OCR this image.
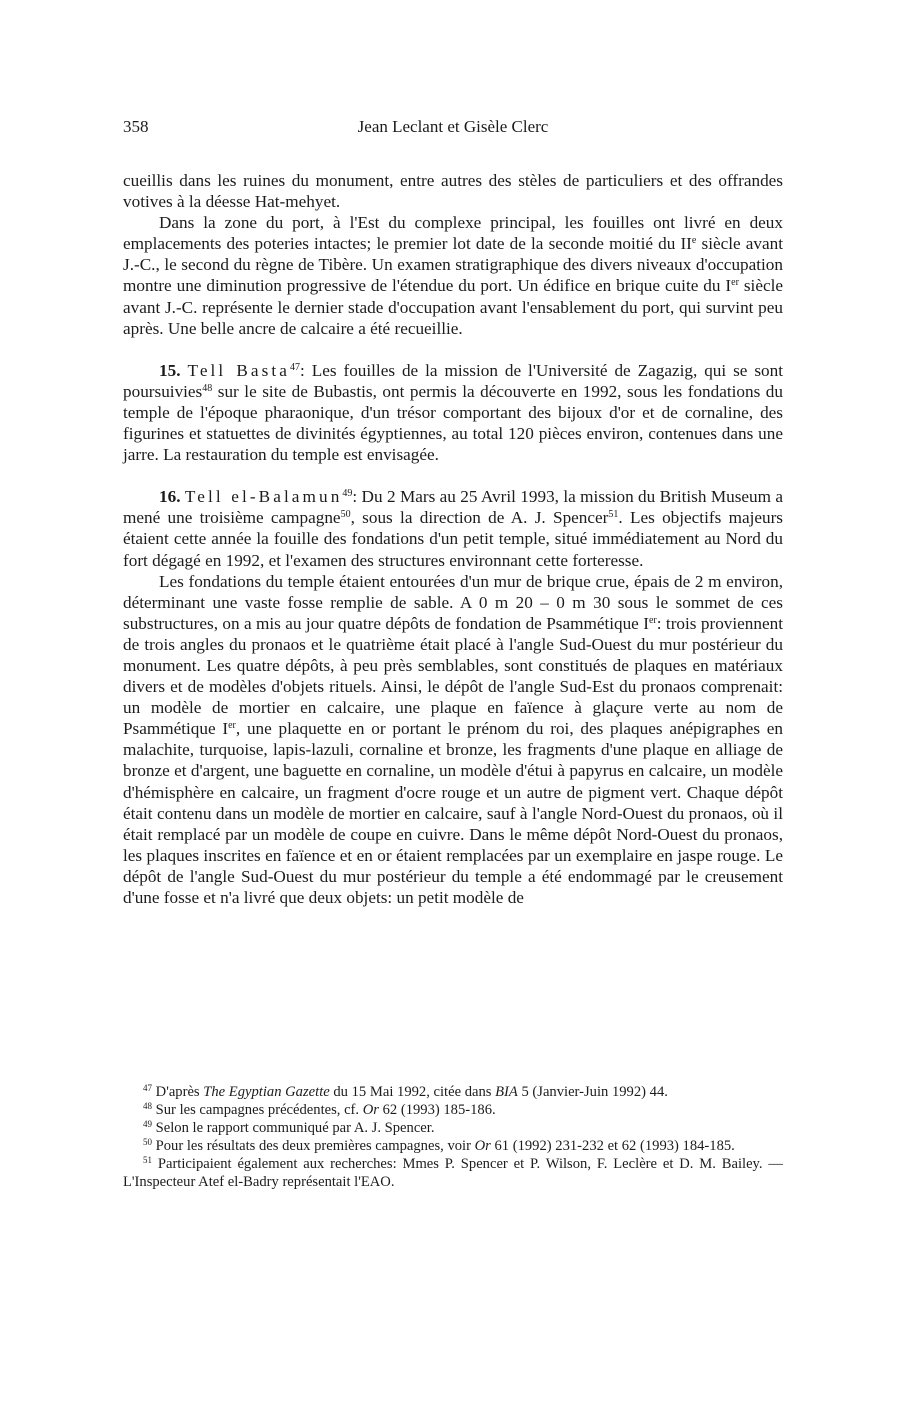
358	Jean Leclant et Gisèle Clerc

cueillis dans les ruines du monument, entre autres des stèles de particuliers et des offrandes votives à la déesse Hat-mehyet.

Dans la zone du port, à l'Est du complexe principal, les fouilles ont livré en deux emplacements des poteries intactes; le premier lot date de la seconde moitié du IIe siècle avant J.-C., le second du règne de Tibère. Un examen stratigraphique des divers niveaux d'occupation montre une diminution progressive de l'étendue du port. Un édifice en brique cuite du Ier siècle avant J.-C. représente le dernier stade d'occupation avant l'ensablement du port, qui survint peu après. Une belle ancre de calcaire a été recueillie.

15. Tell Basta$^{47}$: Les fouilles de la mission de l'Université de Zagazig, qui se sont poursuivies$^{48}$ sur le site de Bubastis, ont permis la découverte en 1992, sous les fondations du temple de l'époque pharaonique, d'un trésor comportant des bijoux d'or et de cornaline, des figurines et statuettes de divinités égyptiennes, au total 120 pièces environ, contenues dans une jarre. La restauration du temple est envisagée.

16. Tell el-Balamun$^{49}$: Du 2 Mars au 25 Avril 1993, la mission du British Museum a mené une troisième campagne$^{50}$, sous la direction de A. J. Spencer$^{51}$. Les objectifs majeurs étaient cette année la fouille des fondations d'un petit temple, situé immédiatement au Nord du fort dégagé en 1992, et l'examen des structures environnant cette forteresse.

Les fondations du temple étaient entourées d'un mur de brique crue, épais de 2 m environ, déterminant une vaste fosse remplie de sable. A 0 m 20 – 0 m 30 sous le sommet de ces substructures, on a mis au jour quatre dépôts de fondation de Psammétique Ier: trois proviennent de trois angles du pronaos et le quatrième était placé à l'angle Sud-Ouest du mur postérieur du monument. Les quatre dépôts, à peu près semblables, sont constitués de plaques en matériaux divers et de modèles d'objets rituels. Ainsi, le dépôt de l'angle Sud-Est du pronaos comprenait: un modèle de mortier en calcaire, une plaque en faïence à glaçure verte au nom de Psammétique Ier, une plaquette en or portant le prénom du roi, des plaques anépigraphes en malachite, turquoise, lapis-lazuli, cornaline et bronze, les fragments d'une plaque en alliage de bronze et d'argent, une baguette en cornaline, un modèle d'étui à papyrus en calcaire, un modèle d'hémisphère en calcaire, un fragment d'ocre rouge et un autre de pigment vert. Chaque dépôt était contenu dans un modèle de mortier en calcaire, sauf à l'angle Nord-Ouest du pronaos, où il était remplacé par un modèle de coupe en cuivre. Dans le même dépôt Nord-Ouest du pronaos, les plaques inscrites en faïence et en or étaient remplacées par un exemplaire en jaspe rouge. Le dépôt de l'angle Sud-Ouest du mur postérieur du temple a été endommagé par le creusement d'une fosse et n'a livré que deux objets: un petit modèle de

$^{47}$ D'après The Egyptian Gazette du 15 Mai 1992, citée dans BIA 5 (Janvier-Juin 1992) 44.

$^{48}$ Sur les campagnes précédentes, cf. Or 62 (1993) 185-186.

$^{49}$ Selon le rapport communiqué par A. J. Spencer.

$^{50}$ Pour les résultats des deux premières campagnes, voir Or 61 (1992) 231-232 et 62 (1993) 184-185.

$^{51}$ Participaient également aux recherches: Mmes P. Spencer et P. Wilson, F. Leclère et D. M. Bailey. — L'Inspecteur Atef el-Badry représentait l'EAO.
